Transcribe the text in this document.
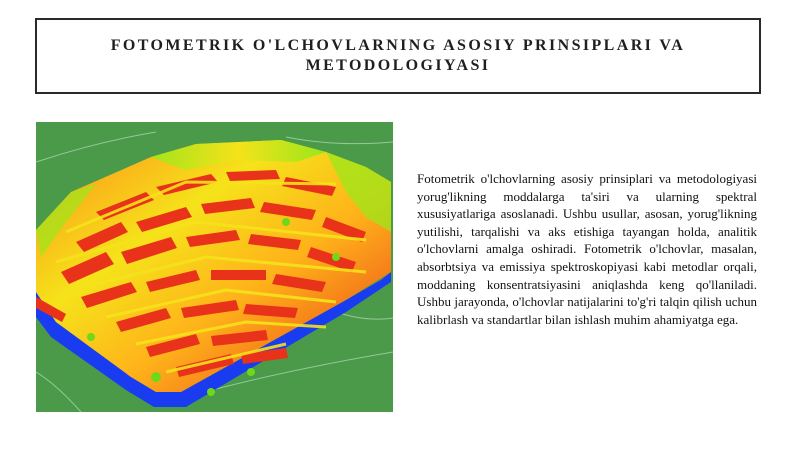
FOTOMETRIK O'LCHOVLARNING ASOSIY PRINSIPLARI VA METODOLOGIYASI

Fotometrik o'lchovlarning asosiy prinsiplari va metodologiyasi yorug'likning moddalarga ta'siri va ularning spektral xususiyatlariga asoslanadi. Ushbu usullar, asosan, yorug'likning yutilishi, tarqalishi va aks etishiga tayangan holda, analitik o'lchovlarni amalga oshiradi. Fotometrik o'lchovlar, masalan, absorbtsiya va emissiya spektroskopiyasi kabi metodlar orqali, moddaning konsentratsiyasini aniqlashda keng qo'llaniladi. Ushbu jarayonda, o'lchovlar natijalarini to'g'ri talqin qilish uchun kalibrlash va standartlar bilan ishlash muhim ahamiyatga ega.
